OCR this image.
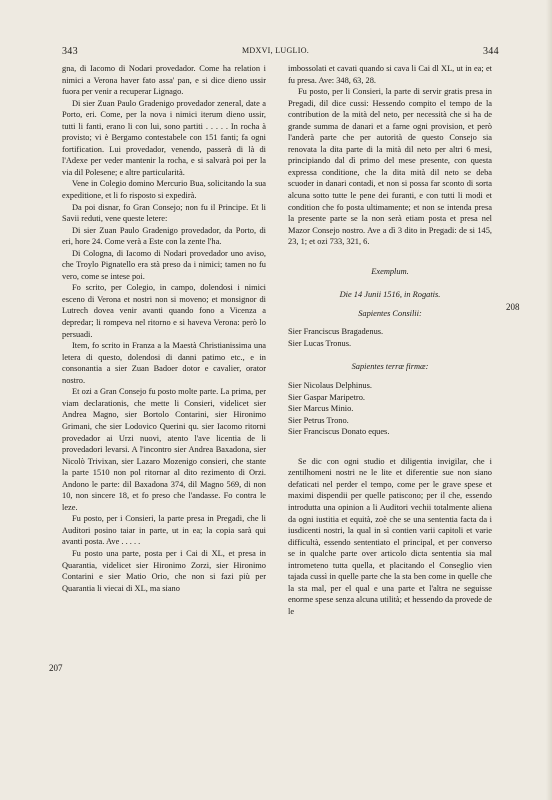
343	MDXVI, LUGLIO.	344
207
208

gna, di Iacomo di Nodari provedador. Come ha relation i nimici a Verona haver fato assa' pan, e si dice dieno ussir fuora per venir a recuperar Lignago.

Di sier Zuan Paulo Gradenigo provedador zeneral, date a Porto, eri. Come, per la nova i nimici iterum dieno ussir, tutti li fanti, erano li con lui, sono partiti . . . . . In rocha à provisto; vi è Bergamo contestabele con 151 fanti; fa ogni fortification. Lui provedador, venendo, passerà di là di l'Adexe per veder mantenir la rocha, e si salvarà poi per la via dil Polesene; e altre particularità.

Vene in Colegio domino Mercurio Bua, solicitando la sua expeditione, et li fo risposto si expedirà.

Da poi disnar, fo Gran Consejo; non fu il Principe. Et li Savii reduti, vene queste letere:

Di sier Zuan Paulo Gradenigo provedador, da Porto, di eri, hore 24. Come verà a Este con la zente l'ha.

Di Cologna, di Iacomo di Nodari provedador uno aviso, che Troylo Pignatello era stà preso da i nimici; tamen no fu vero, come se intese poi.

Fo scrito, per Colegio, in campo, dolendosi i nimici esceno di Verona et nostri non si moveno; et monsignor di Lutrech dovea venir avanti quando fono a Vicenza a depredar; li rompeva nel ritorno e si haveva Verona: però lo persuadi.

Item, fo scrito in Franza a la Maestà Christianissima una letera di questo, dolendosi di danni patimo etc., e in consonantia a sier Zuan Badoer dotor e cavalier, orator nostro.

Et ozi a Gran Consejo fu posto molte parte. La prima, per viam declarationis, che mette li Consieri, videlicet sier Andrea Magno, sier Bortolo Contarini, sier Hironimo Grimani, che sier Lodovico Querini qu. sier Iacomo ritorni provedador ai Urzi nuovi, atento l'ave licentia de li provedadori levarsi. A l'incontro sier Andrea Baxadona, sier Nicolò Trivixan, sier Lazaro Mozenigo consieri, che stante la parte 1510 non pol ritornar al dito rezimento di Orzi. Andono le parte: dil Baxadona 374, dil Magno 569, di non 10, non sincere 18, et fo preso che l'andasse. Fo contra le leze.

Fu posto, per i Consieri, la parte presa in Pregadi, che li Auditori posino taiar in parte, ut in ea; la copia sarà qui avanti posta. Ave . . . . .

Fu posto una parte, posta per i Cai di XL, et presa in Quarantia, videlicet sier Hironimo Zorzi, sier Hironimo Contarini e sier Matio Orio, che non si fazi più per Quarantia li viecai di XL, ma siano

imbossolati et cavati quando si cava li Cai dl XL, ut in ea; et fu presa. Ave: 348, 63, 28.

Fu posto, per li Consieri, la parte di servir gratis presa in Pregadi, dil dice cussi: Hessendo compito el tempo de la contribution de la mità del neto, per necessità che si ha de grande summa de danari et a farne ogni provision, et però l'anderà parte che per autorità de questo Consejo sia renovata la dita parte di la mità dil neto per altri 6 mesi, principiando dal dì primo del mese presente, con questa expressa conditione, che la dita mità dil neto se deba scuoder in danari contadi, et non si possa far sconto di sorta alcuna sotto tutte le pene dei furanti, e con tutti li modi et condition che fo posta ultimamente; et non se intenda presa la presente parte se la non serà etiam posta et presa nel Mazor Consejo nostro. Ave a dì 3 dito in Pregadi: de si 145, 23, 1; et ozi 733, 321, 6.

Exemplum.

Die 14 Junii 1516, in Rogatis.

Sapientes Consilii:

Sier Franciscus Bragadenus.

Sier Lucas Tronus.

Sapientes terræ firmæ:

Sier Nicolaus Delphinus.

Sier Gaspar Maripetro.

Sier Marcus Minio.

Sier Petrus Trono.

Sier Franciscus Donato eques.

Se dic con ogni studio et diligentia invigilar, che i zentilhomeni nostri ne le lite et diferentie sue non siano defaticati nel perder el tempo, come per le grave spese et maximi dispendii per quelle patiscono; per il che, essendo introdutta una opinion a li Auditori vechii totalmente aliena da ogni iustitia et equità, zoè che se una sententia facta da i iusdicenti nostri, la qual in sì contien varii capitoli et varie difficultà, essendo sententiato el principal, et per converso se in qualche parte over articolo dicta sententia sia mal intrometeno tutta quella, et placitando el Conseglio vien tajada cussì in quelle parte che la sta ben come in quelle che la sta mal, per el qual e una parte et l'altra ne seguisse enorme spese senza alcuna utilità; et hessendo da provede de le
